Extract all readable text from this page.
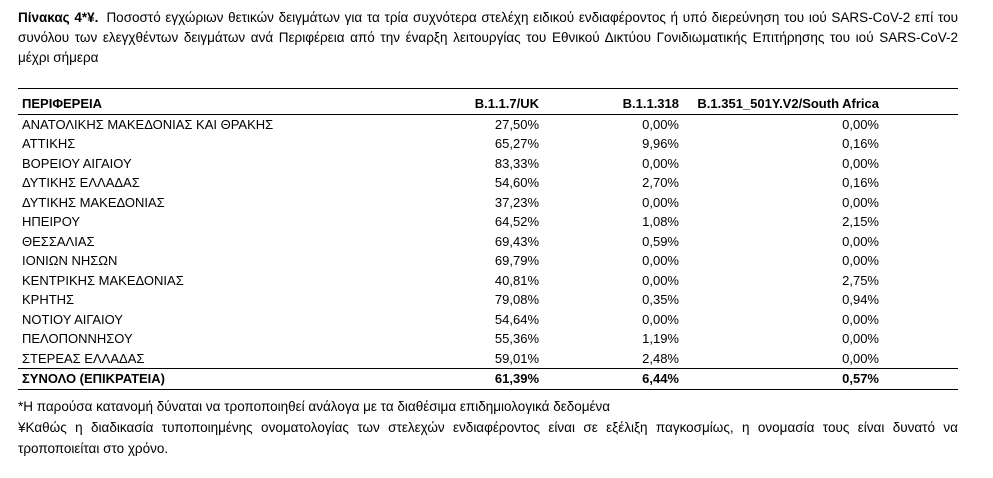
Πίνακας 4*¥. Ποσοστό εγχώριων θετικών δειγμάτων για τα τρία συχνότερα στελέχη ειδικού ενδιαφέροντος ή υπό διερεύνηση του ιού SARS-CoV-2 επί του συνόλου των ελεγχθέντων δειγμάτων ανά Περιφέρεια από την έναρξη λειτουργίας του Εθνικού Δικτύου Γονιδιωματικής Επιτήρησης του ιού SARS-CoV-2 μέχρι σήμερα
ΠΕΡΙΦΕΡΕΙΑ	B.1.1.7/UK	B.1.1.318	B.1.351_501Y.V2/South Africa	
ΑΝΑΤΟΛΙΚΗΣ ΜΑΚΕΔΟΝΙΑΣ ΚΑΙ ΘΡΑΚΗΣ	27,50%	0,00%	0,00%	
ΑΤΤΙΚΗΣ	65,27%	9,96%	0,16%	
ΒΟΡΕΙΟΥ ΑΙΓΑΙΟΥ	83,33%	0,00%	0,00%	
ΔΥΤΙΚΗΣ ΕΛΛΑΔΑΣ	54,60%	2,70%	0,16%	
ΔΥΤΙΚΗΣ ΜΑΚΕΔΟΝΙΑΣ	37,23%	0,00%	0,00%	
ΗΠΕΙΡΟΥ	64,52%	1,08%	2,15%	
ΘΕΣΣΑΛΙΑΣ	69,43%	0,59%	0,00%	
ΙΟΝΙΩΝ ΝΗΣΩΝ	69,79%	0,00%	0,00%	
ΚΕΝΤΡΙΚΗΣ ΜΑΚΕΔΟΝΙΑΣ	40,81%	0,00%	2,75%	
ΚΡΗΤΗΣ	79,08%	0,35%	0,94%	
ΝΟΤΙΟΥ ΑΙΓΑΙΟΥ	54,64%	0,00%	0,00%	
ΠΕΛΟΠΟΝΝΗΣΟΥ	55,36%	1,19%	0,00%	
ΣΤΕΡΕΑΣ ΕΛΛΑΔΑΣ	59,01%	2,48%	0,00%	
ΣΥΝΟΛΟ (ΕΠΙΚΡΑΤΕΙΑ)	61,39%	6,44%	0,57%	

*Η παρούσα κατανομή δύναται να τροποποιηθεί ανάλογα με τα διαθέσιμα επιδημιολογικά δεδομένα

¥Καθώς η διαδικασία τυποποιημένης ονοματολογίας των στελεχών ενδιαφέροντος είναι σε εξέλιξη παγκοσμίως, η ονομασία τους είναι δυνατό να τροποποιείται στο χρόνο.
